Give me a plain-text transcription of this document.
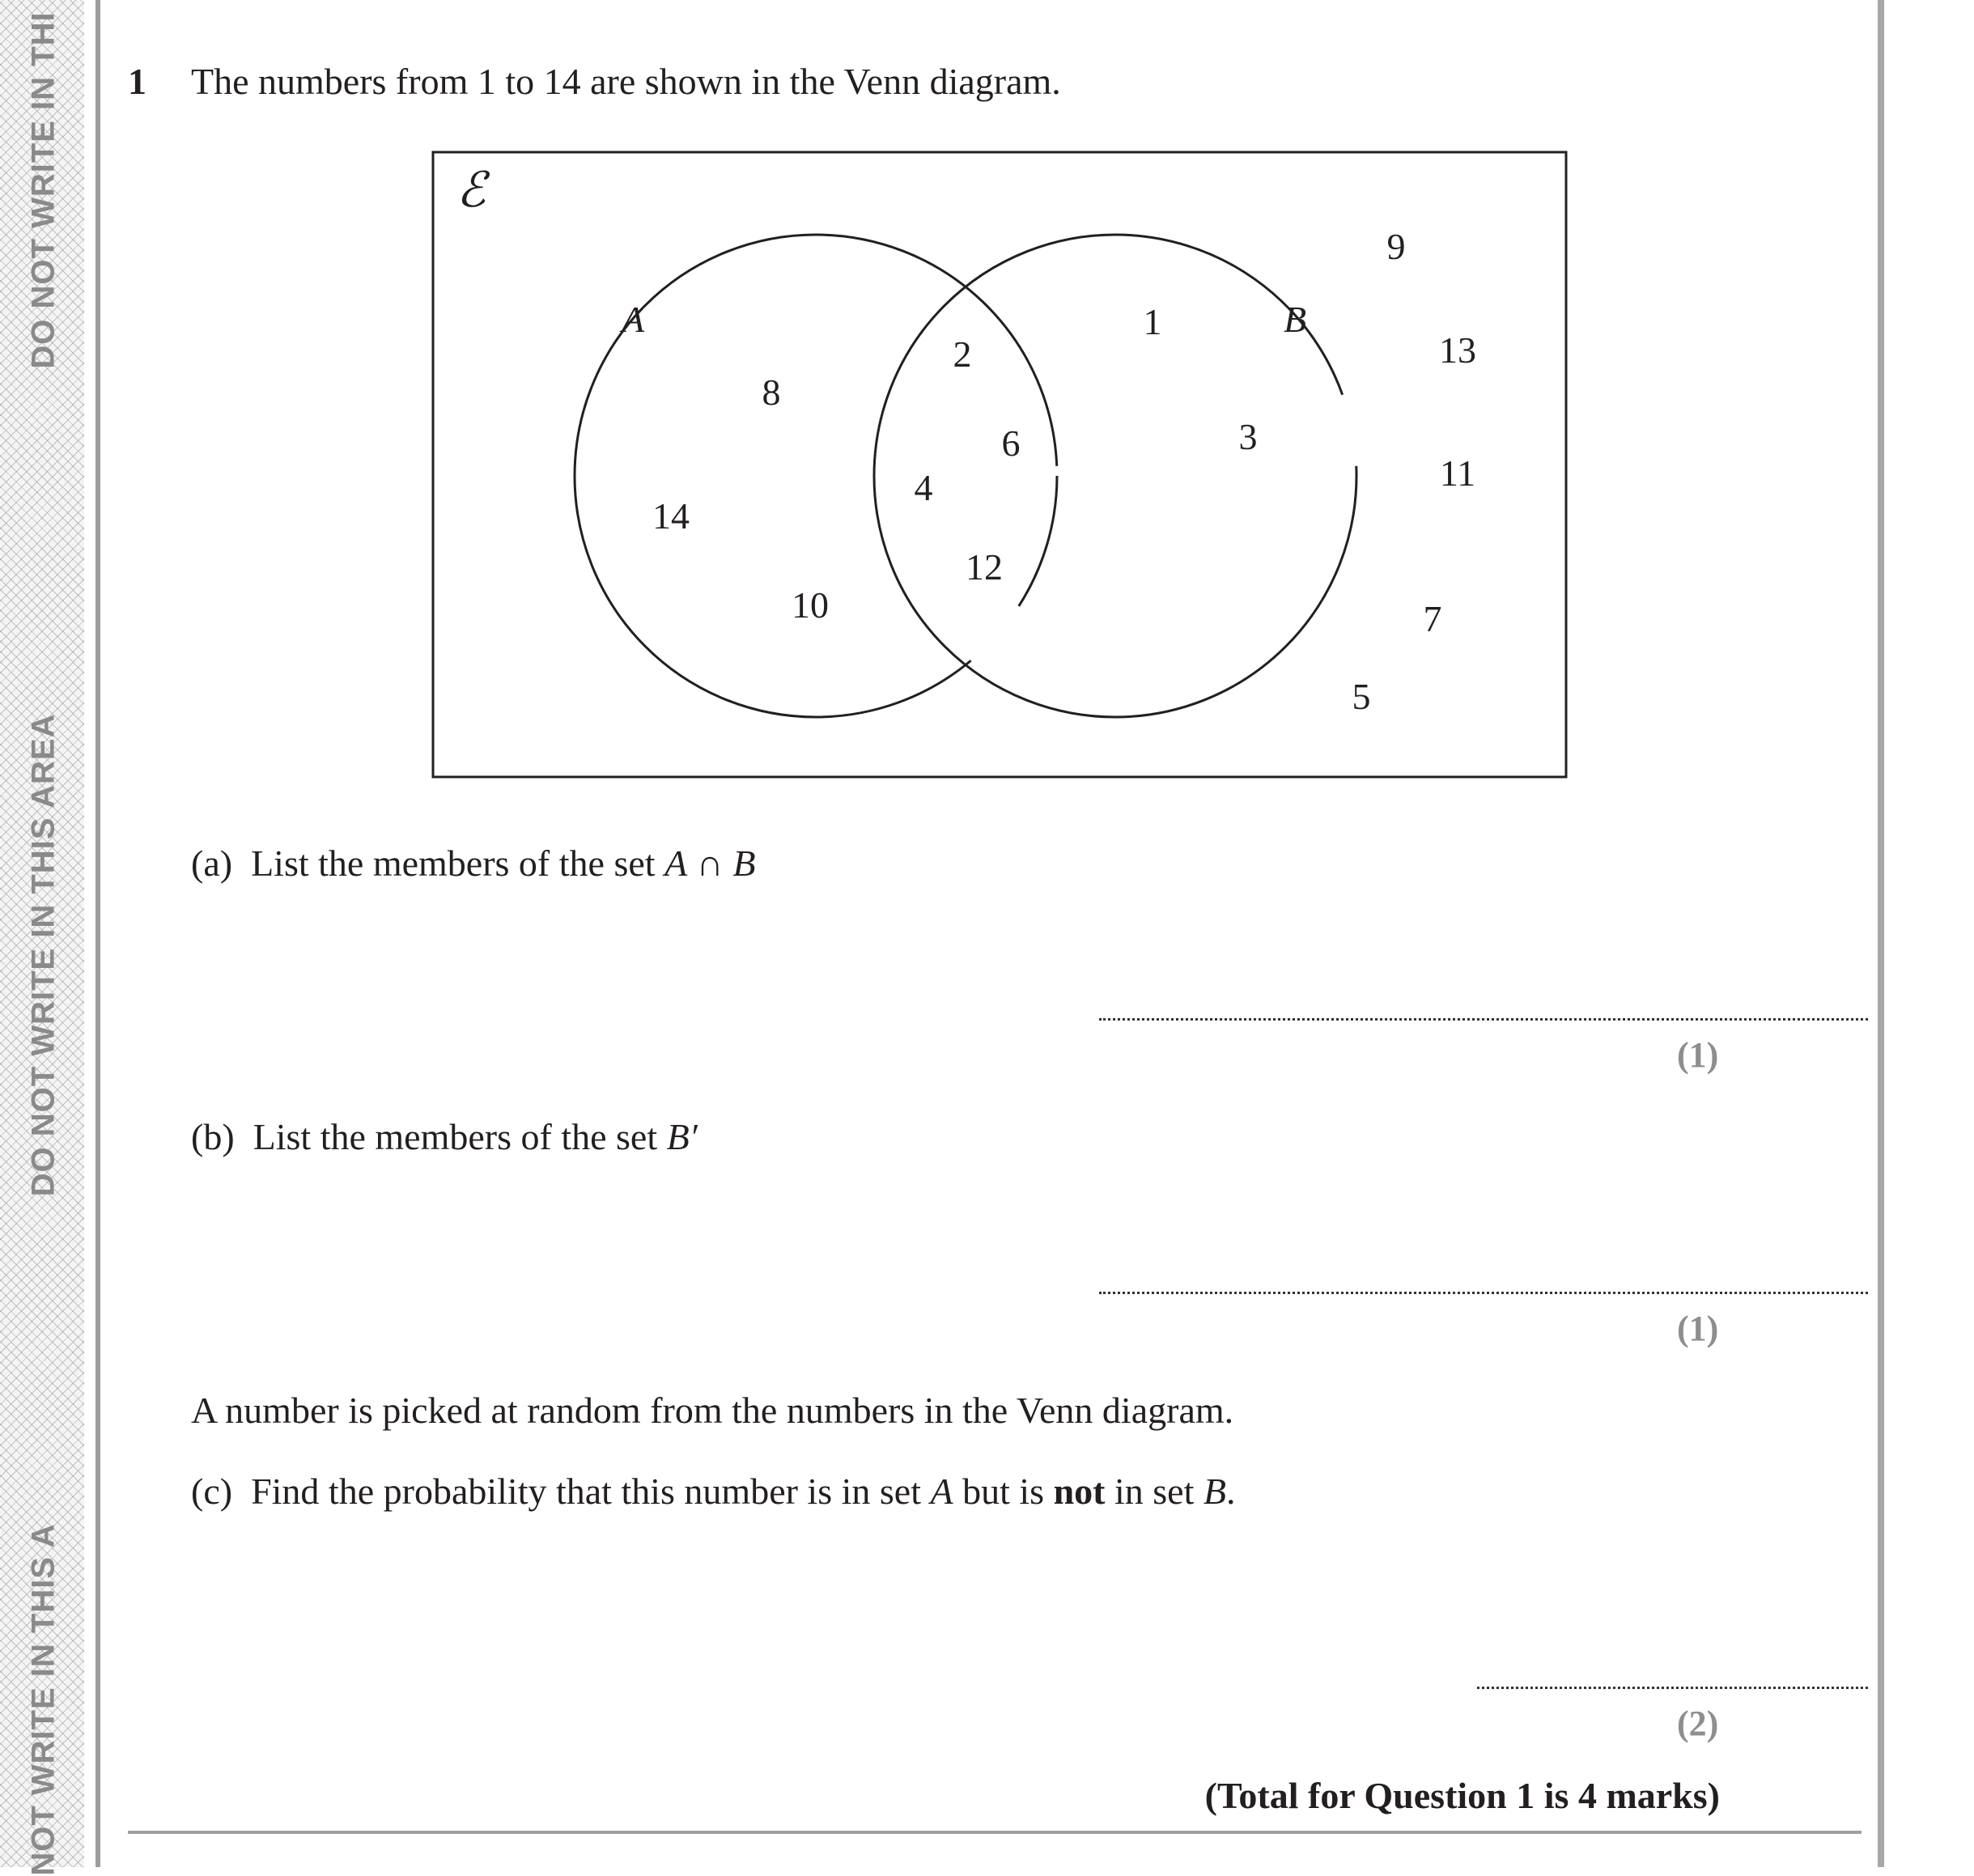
DO NOT WRITE IN THI
DO NOT WRITE IN THIS AREA
NOT WRITE IN THIS A
1 The numbers from 1 to 14 are shown in the Venn diagram.
ℰ
A	B
8
14
10
2
6
4
12
1
3
9
13
11
7
5
(a) List the members of the set A ∩ B
(1)
(b) List the members of the set B′
(1)
A number is picked at random from the numbers in the Venn diagram.
(c) Find the probability that this number is in set A but is not in set B.
(2)
(Total for Question 1 is 4 marks)
